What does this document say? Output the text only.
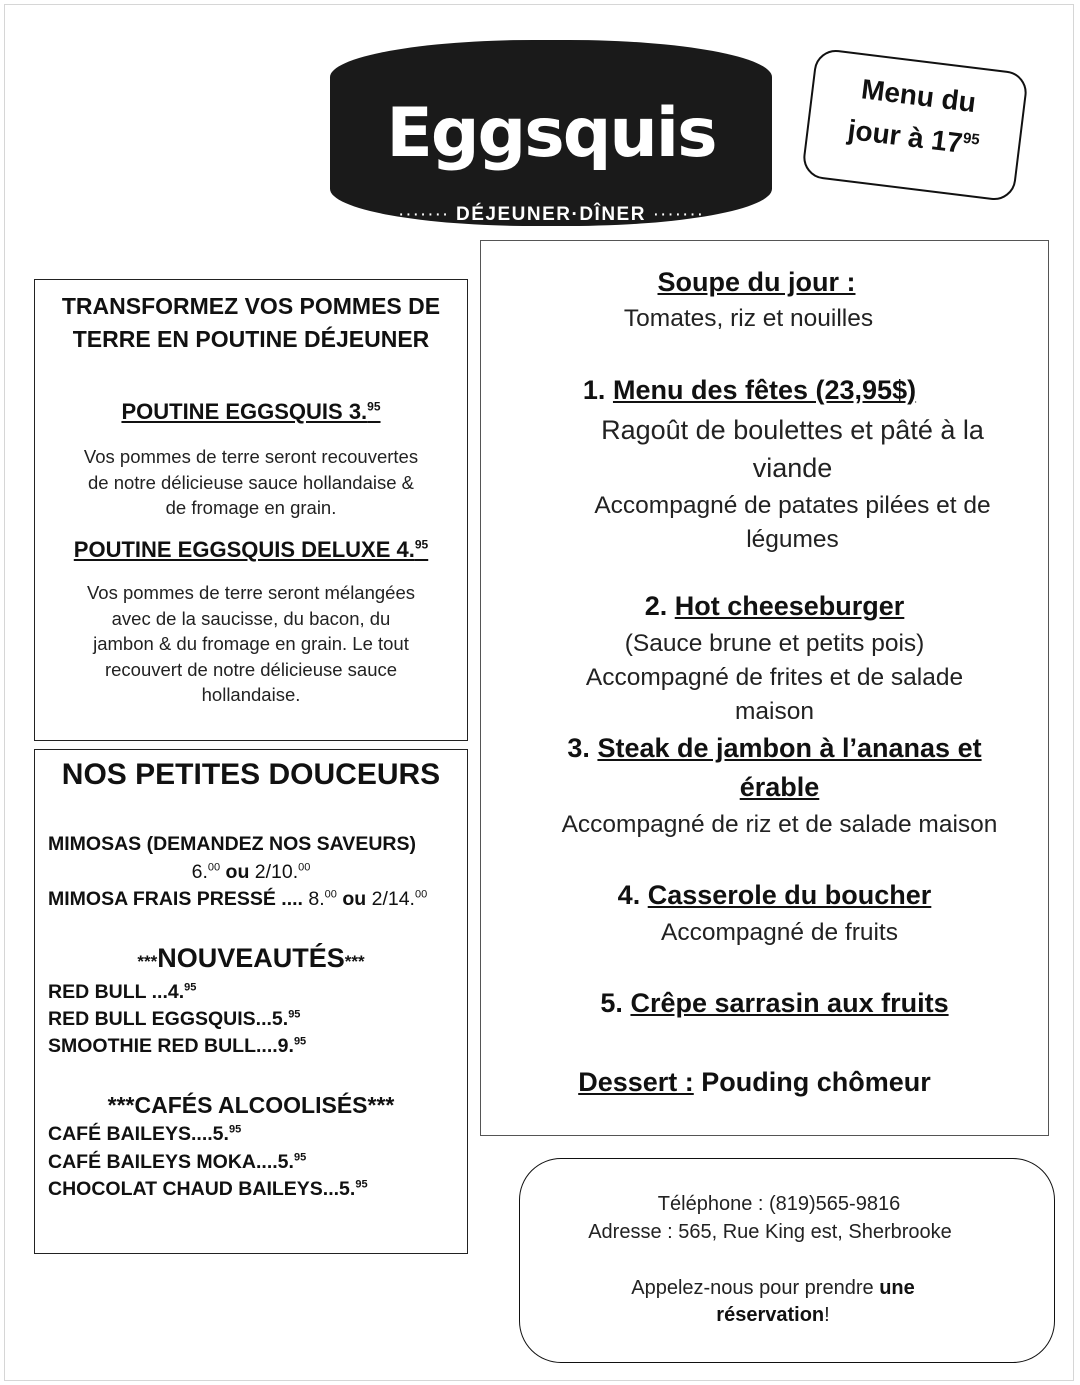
Eggsquis
······· DÉJEUNER·DÎNER ·······
Menu du
jour à $17^{95}$
TRANSFORMEZ VOS POMMES DE
TERRE EN POUTINE DÉJEUNER
POUTINE EGGSQUIS 3.95
Vos pommes de terre seront recouvertes
de notre délicieuse sauce hollandaise &
de fromage en grain.
POUTINE EGGSQUIS DELUXE 4.95
Vos pommes de terre seront mélangées
avec de la saucisse, du bacon, du
jambon & du fromage en grain. Le tout
recouvert de notre délicieuse sauce
hollandaise.
NOS PETITES DOUCEURS
MIMOSAS (DEMANDEZ NOS SAVEURS)
6.00 ou 2/10.00
MIMOSA FRAIS PRESSÉ .... 8.00 ou 2/14.00
***NOUVEAUTÉS***
RED BULL ...4.95
RED BULL EGGSQUIS...5.95
SMOOTHIE RED BULL....9.95
***CAFÉS ALCOOLISÉS***
CAFÉ BAILEYS....5.95
CAFÉ BAILEYS MOKA....5.95
CHOCOLAT CHAUD BAILEYS...5.95
Soupe du jour :
Tomates, riz et nouilles
1. Menu des fêtes (23,95$)
Ragoût de boulettes et pâté à la
viande
Accompagné de patates pilées et de
légumes
2. Hot cheeseburger
(Sauce brune et petits pois)
Accompagné de frites et de salade
maison
3. Steak de jambon à l’ananas et
érable
Accompagné de riz et de salade maison
4. Casserole du boucher
Accompagné de fruits
5. Crêpe sarrasin aux fruits
Dessert : Pouding chômeur
Téléphone : (819)565-9816
Adresse : 565, Rue King est, Sherbrooke
Appelez-nous pour prendre une
réservation!
